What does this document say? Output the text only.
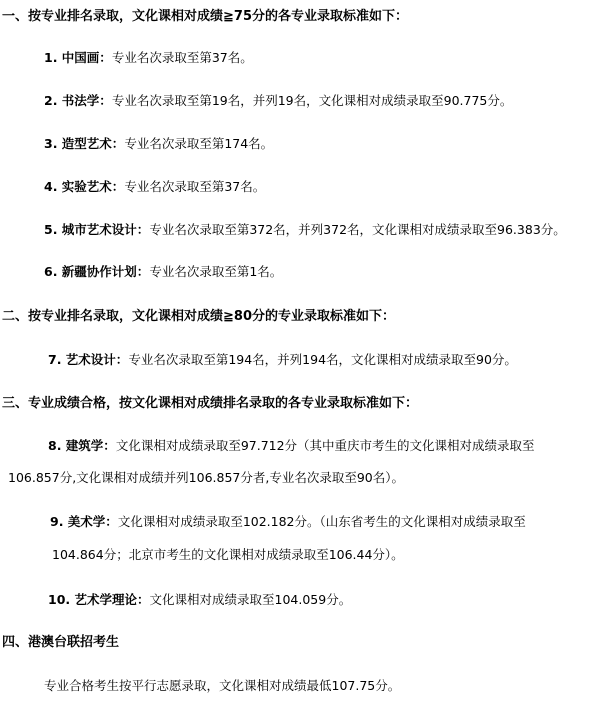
一、按专业排名录取，文化课相对成绩≧75分的各专业录取标准如下：
1. 中国画：专业名次录取至第37名。
2. 书法学：专业名次录取至第19名，并列19名，文化课相对成绩录取至90.775分。
3. 造型艺术：专业名次录取至第174名。
4. 实验艺术：专业名次录取至第37名。
5. 城市艺术设计：专业名次录取至第372名，并列372名，文化课相对成绩录取至96.383分。
6. 新疆协作计划：专业名次录取至第1名。
二、按专业排名录取，文化课相对成绩≧80分的专业录取标准如下：
7. 艺术设计：专业名次录取至第194名，并列194名，文化课相对成绩录取至90分。
三、专业成绩合格，按文化课相对成绩排名录取的各专业录取标准如下：
8. 建筑学：文化课相对成绩录取至97.712分（其中重庆市考生的文化课相对成绩录取至
106.857分,文化课相对成绩并列106.857分者,专业名次录取至90名）。
9. 美术学：文化课相对成绩录取至102.182分。（山东省考生的文化课相对成绩录取至
104.864分；北京市考生的文化课相对成绩录取至106.44分）。
10. 艺术学理论：文化课相对成绩录取至104.059分。
四、港澳台联招考生
专业合格考生按平行志愿录取，文化课相对成绩最低107.75分。
